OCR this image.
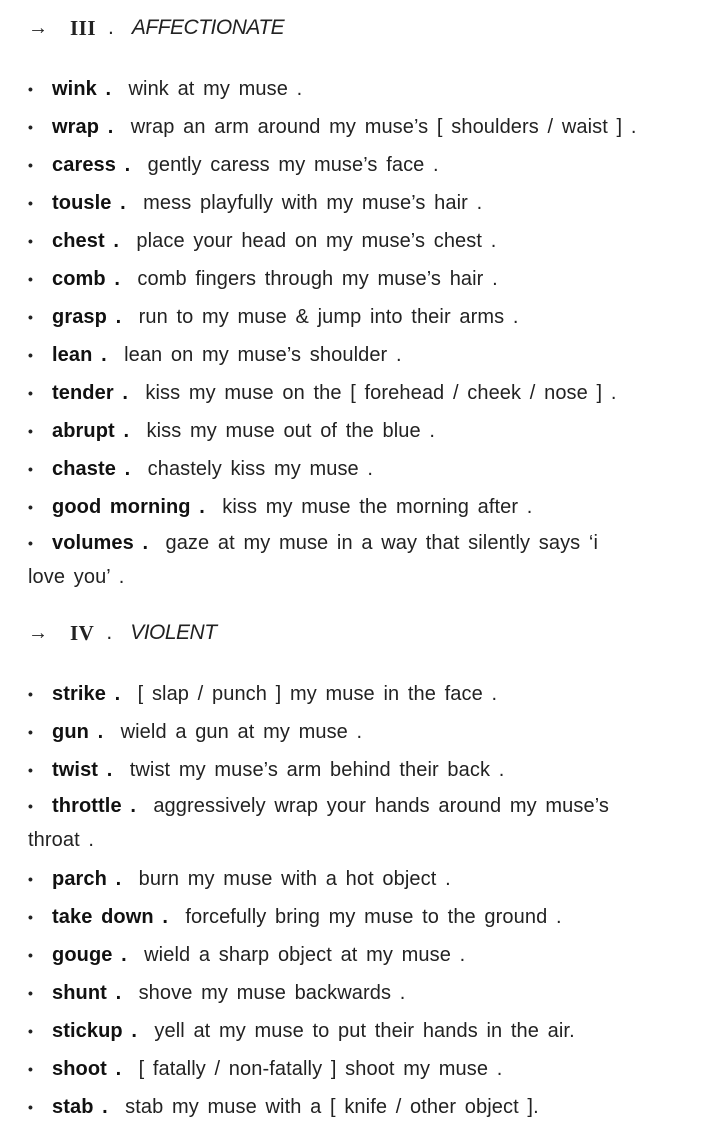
→	III . AFFECTIONATE
• wink . wink at my muse .
• wrap . wrap an arm around my muse’s [ shoulders / waist ] .
• caress . gently caress my muse’s face .
• tousle . mess playfully with my muse’s hair .
• chest . place your head on my muse’s chest .
• comb . comb fingers through my muse’s hair .
• grasp . run to my muse & jump into their arms .
• lean . lean on my muse’s shoulder .
• tender . kiss my muse on the [ forehead / cheek / nose ] .
• abrupt . kiss my muse out of the blue .
• chaste . chastely kiss my muse .
• good morning . kiss my muse the morning after .
• volumes . gaze at my muse in a way that silently says ‘i
love you’ .
→	IV . VIOLENT
• strike . [ slap / punch ] my muse in the face .
• gun . wield a gun at my muse .
• twist . twist my muse’s arm behind their back .
• throttle . aggressively wrap your hands around my muse’s
throat .
• parch . burn my muse with a hot object .
• take down . forcefully bring my muse to the ground .
• gouge . wield a sharp object at my muse .
• shunt . shove my muse backwards .
• stickup . yell at my muse to put their hands in the air.
• shoot . [ fatally / non-fatally ] shoot my muse .
• stab . stab my muse with a [ knife / other object ].
